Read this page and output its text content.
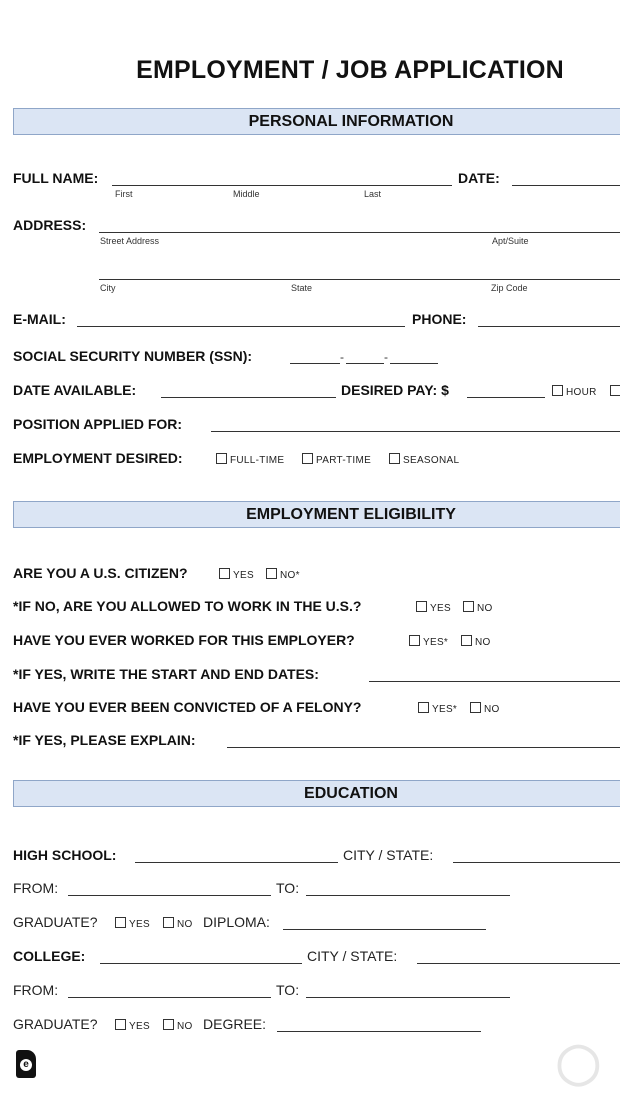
EMPLOYMENT / JOB APPLICATION
PERSONAL INFORMATION
FULL NAME:
First	Middle	Last
DATE:
ADDRESS:
Street Address	Apt/Suite
City	State	Zip Code
E-MAIL:	PHONE:
SOCIAL SECURITY NUMBER (SSN):	-	-
DATE AVAILABLE:	DESIRED PAY: $	HOUR
POSITION APPLIED FOR:
EMPLOYMENT DESIRED:	FULL-TIME	PART-TIME	SEASONAL
EMPLOYMENT ELIGIBILITY
ARE YOU A U.S. CITIZEN?	YES	NO*
*IF NO, ARE YOU ALLOWED TO WORK IN THE U.S.?	YES	NO
HAVE YOU EVER WORKED FOR THIS EMPLOYER?	YES*	NO
*IF YES, WRITE THE START AND END DATES:
HAVE YOU EVER BEEN CONVICTED OF A FELONY?	YES*	NO
*IF YES, PLEASE EXPLAIN:
EDUCATION
HIGH SCHOOL:	CITY / STATE:
FROM:	TO:
GRADUATE?	YES	NO DIPLOMA:
COLLEGE:	CITY / STATE:
FROM:	TO:
GRADUATE?	YES	NO DEGREE:
e	◯
